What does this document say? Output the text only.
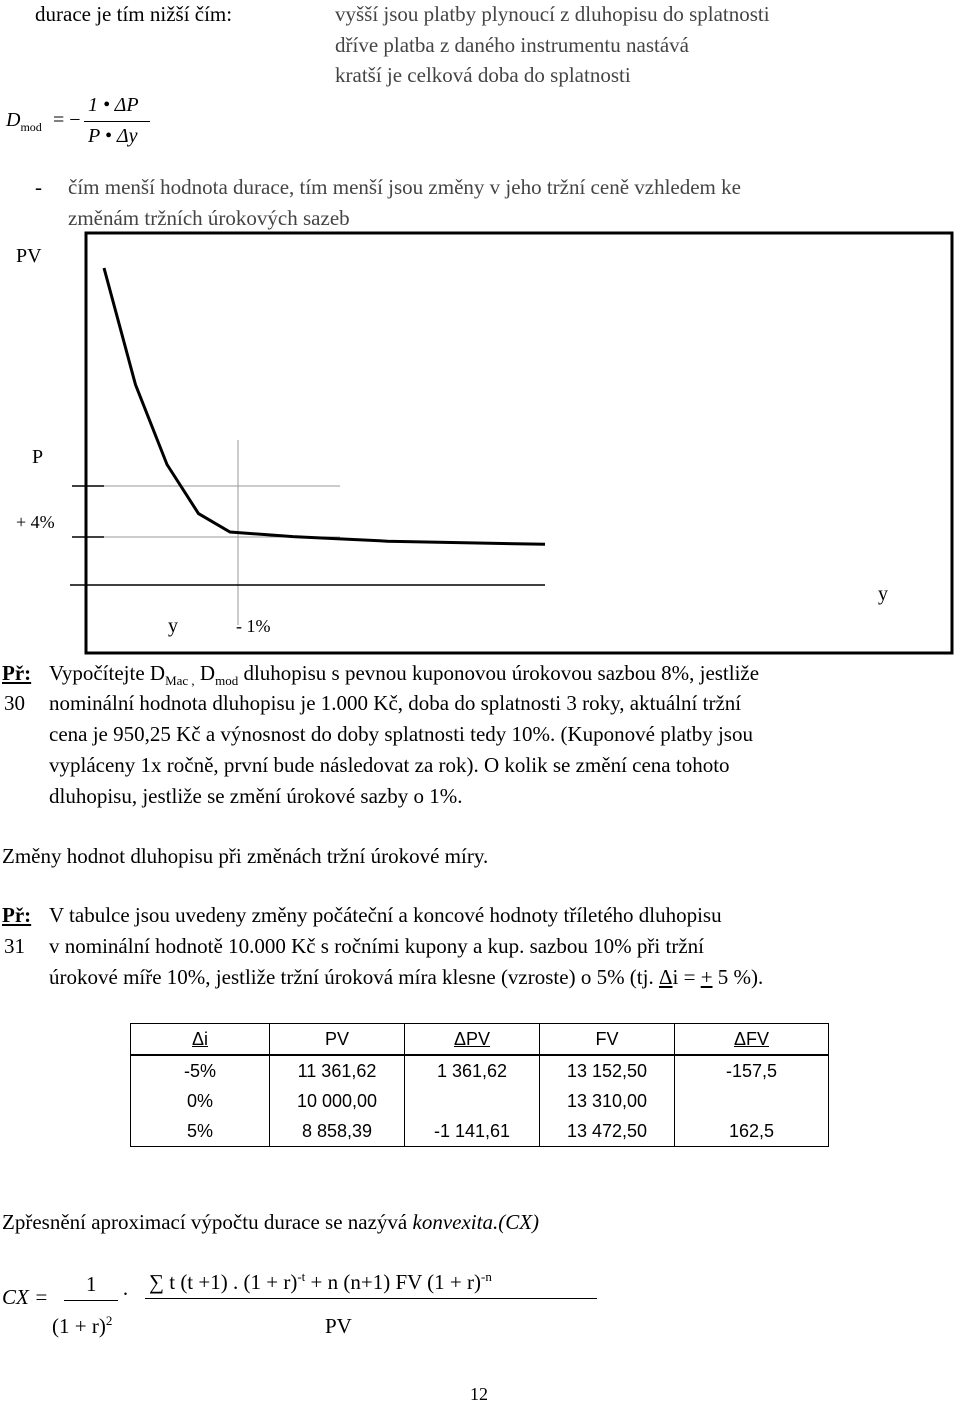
durace je tím nižší čím:	vyšší jsou platby plynoucí z dluhopisu do splatnosti
dříve platba z daného instrumentu nastává
kratší je celková doba do splatnosti
$D_{mod}$ = −
1 • ΔP
P • Δy
- čím menší hodnota durace, tím menší jsou změny v jeho tržní ceně vzhledem ke
změnám tržních úrokových sazeb
PV
P
+ 4%
y	- 1%
y
Př:
30
Vypočítejte $D_{Mac ,}$ $D_{mod}$ dluhopisu s pevnou kuponovou úrokovou sazbou 8%, jestliže
nominální hodnota dluhopisu je 1.000 Kč, doba do splatnosti 3 roky, aktuální tržní
cena je 950,25 Kč a výnosnost do doby splatnosti tedy 10%. (Kuponové platby jsou
vypláceny 1x ročně, první bude následovat za rok). O kolik se změní cena tohoto
dluhopisu, jestliže se změní úrokové sazby o 1%.
Změny hodnot dluhopisu při změnách tržní úrokové míry.
Př:
31
V tabulce jsou uvedeny změny počáteční a koncové hodnoty tříletého dluhopisu
v nominální hodnotě 10.000 Kč s ročními kupony a kup. sazbou 10% při tržní
úrokové míře 10%, jestliže tržní úroková míra klesne (vzroste) o 5% (tj. Δi = + 5 %).
Δi	PV	ΔPV	FV	ΔFV
-5%	11 361,62	1 361,62	13 152,50	-157,5
0%	10 000,00		13 310,00	
5%	8 858,39	-1 141,61	13 472,50	162,5
Zpřesnění aproximací výpočtu durace se nazývá konvexita.(CX)
CX =
1
$(1 + r)^2$
· ∑ t (t +1) . $(1 + r)^{-t} + n$ (n+1) FV $(1 + r)^{-n}$
PV
12
